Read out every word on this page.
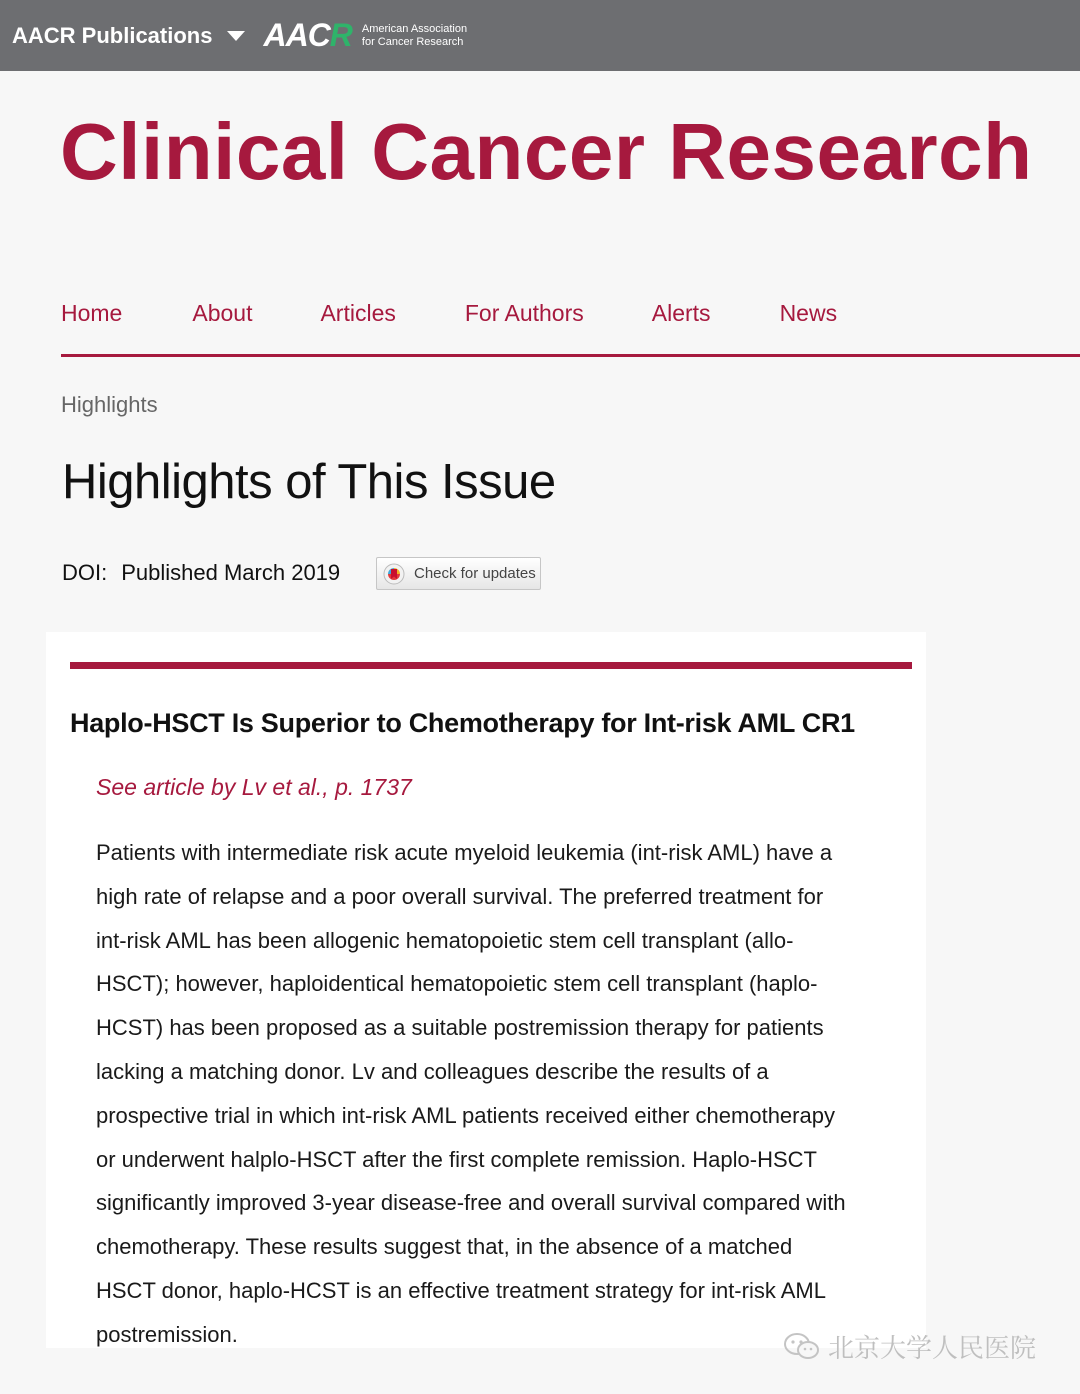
AACR Publications AACR American Association
for Cancer Research
Clinical Cancer Research
Home	About	Articles	For Authors	Alerts	News
Highlights
Highlights of This Issue
DOI: Published March 2019	Check for updates
Haplo-HSCT Is Superior to Chemotherapy for Int-risk AML CR1
See article by Lv et al., p. 1737
Patients with intermediate risk acute myeloid leukemia (int-risk AML) have a
high rate of relapse and a poor overall survival. The preferred treatment for
int-risk AML has been allogenic hematopoietic stem cell transplant (allo-
HSCT); however, haploidentical hematopoietic stem cell transplant (haplo-
HCST) has been proposed as a suitable postremission therapy for patients
lacking a matching donor. Lv and colleagues describe the results of a
prospective trial in which int-risk AML patients received either chemotherapy
or underwent halplo-HSCT after the first complete remission. Haplo-HSCT
significantly improved 3-year disease-free and overall survival compared with
chemotherapy. These results suggest that, in the absence of a matched
HSCT donor, haplo-HCST is an effective treatment strategy for int-risk AML
postremission.	北京大学人民医院
